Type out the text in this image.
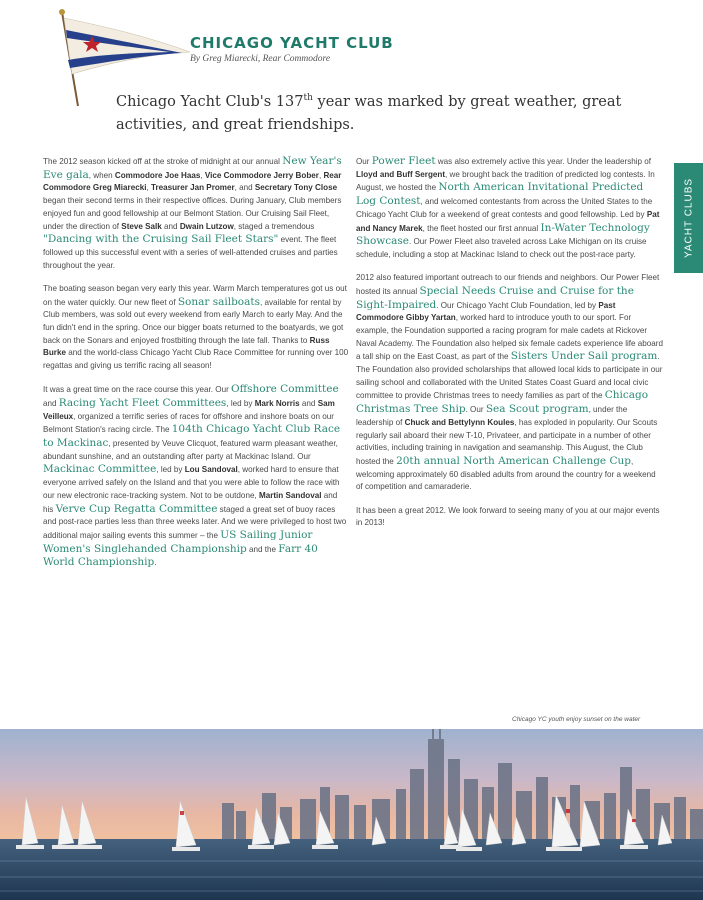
CHICAGO YACHT CLUB
By Greg Miarecki, Rear Commodore
Chicago Yacht Club's 137th year was marked by great weather, great activities, and great friendships.
YACHT CLUBS

The 2012 season kicked off at the stroke of midnight at our annual New Year's Eve gala, when Commodore Joe Haas, Vice Commodore Jerry Bober, Rear Commodore Greg Miarecki, Treasurer Jan Promer, and Secretary Tony Close began their second terms in their respective offices. During January, Club members enjoyed fun and good fellowship at our Belmont Station. Our Cruising Sail Fleet, under the direction of Steve Salk and Dwain Lutzow, staged a tremendous "Dancing with the Cruising Sail Fleet Stars" event. The fleet followed up this successful event with a series of well-attended cruises and parties throughout the year.

The boating season began very early this year. Warm March temperatures got us out on the water quickly. Our new fleet of Sonar sailboats, available for rental by Club members, was sold out every weekend from early March to early May. And the fun didn't end in the spring. Once our bigger boats returned to the boatyards, we got back on the Sonars and enjoyed frostbiting through the late fall. Thanks to Russ Burke and the world-class Chicago Yacht Club Race Committee for running over 100 regattas and giving us terrific racing all season!

It was a great time on the race course this year. Our Offshore Committee and Racing Yacht Fleet Committees, led by Mark Norris and Sam Veilleux, organized a terrific series of races for offshore and inshore boats on our Belmont Station's racing circle. The 104th Chicago Yacht Club Race to Mackinac, presented by Veuve Clicquot, featured warm pleasant weather, abundant sunshine, and an outstanding after party at Mackinac Island. Our Mackinac Committee, led by Lou Sandoval, worked hard to ensure that everyone arrived safely on the Island and that you were able to follow the race with our new electronic race-tracking system. Not to be outdone, Martin Sandoval and his Verve Cup Regatta Committee staged a great set of buoy races and post-race parties less than three weeks later. And we were privileged to host two additional major sailing events this summer – the US Sailing Junior Women's Singlehanded Championship and the Farr 40 World Championship.

Our Power Fleet was also extremely active this year. Under the leadership of Lloyd and Buff Sergent, we brought back the tradition of predicted log contests. In August, we hosted the North American Invitational Predicted Log Contest, and welcomed contestants from across the United States to the Chicago Yacht Club for a weekend of great contests and good fellowship. Led by Pat and Nancy Marek, the fleet hosted our first annual In-Water Technology Showcase. Our Power Fleet also traveled across Lake Michigan on its cruise schedule, including a stop at Mackinac Island to check out the post-race party.

2012 also featured important outreach to our friends and neighbors. Our Power Fleet hosted its annual Special Needs Cruise and Cruise for the Sight-Impaired. Our Chicago Yacht Club Foundation, led by Past Commodore Gibby Yartan, worked hard to introduce youth to our sport. For example, the Foundation supported a racing program for male cadets at Rickover Naval Academy. The Foundation also helped six female cadets experience life aboard a tall ship on the East Coast, as part of the Sisters Under Sail program. The Foundation also provided scholarships that allowed local kids to participate in our sailing school and collaborated with the United States Coast Guard and local civic committee to provide Christmas trees to needy families as part of the Chicago Christmas Tree Ship. Our Sea Scout program, under the leadership of Chuck and Bettylynn Koules, has exploded in popularity. Our Scouts regularly sail aboard their new T-10, Privateer, and participate in a number of other activities, including training in navigation and seamanship. This August, the Club hosted the 20th annual North American Challenge Cup, welcoming approximately 60 disabled adults from around the country for a weekend of competition and camaraderie.

It has been a great 2012. We look forward to seeing many of you at our major events in 2013!

Chicago YC youth enjoy sunset on the water
